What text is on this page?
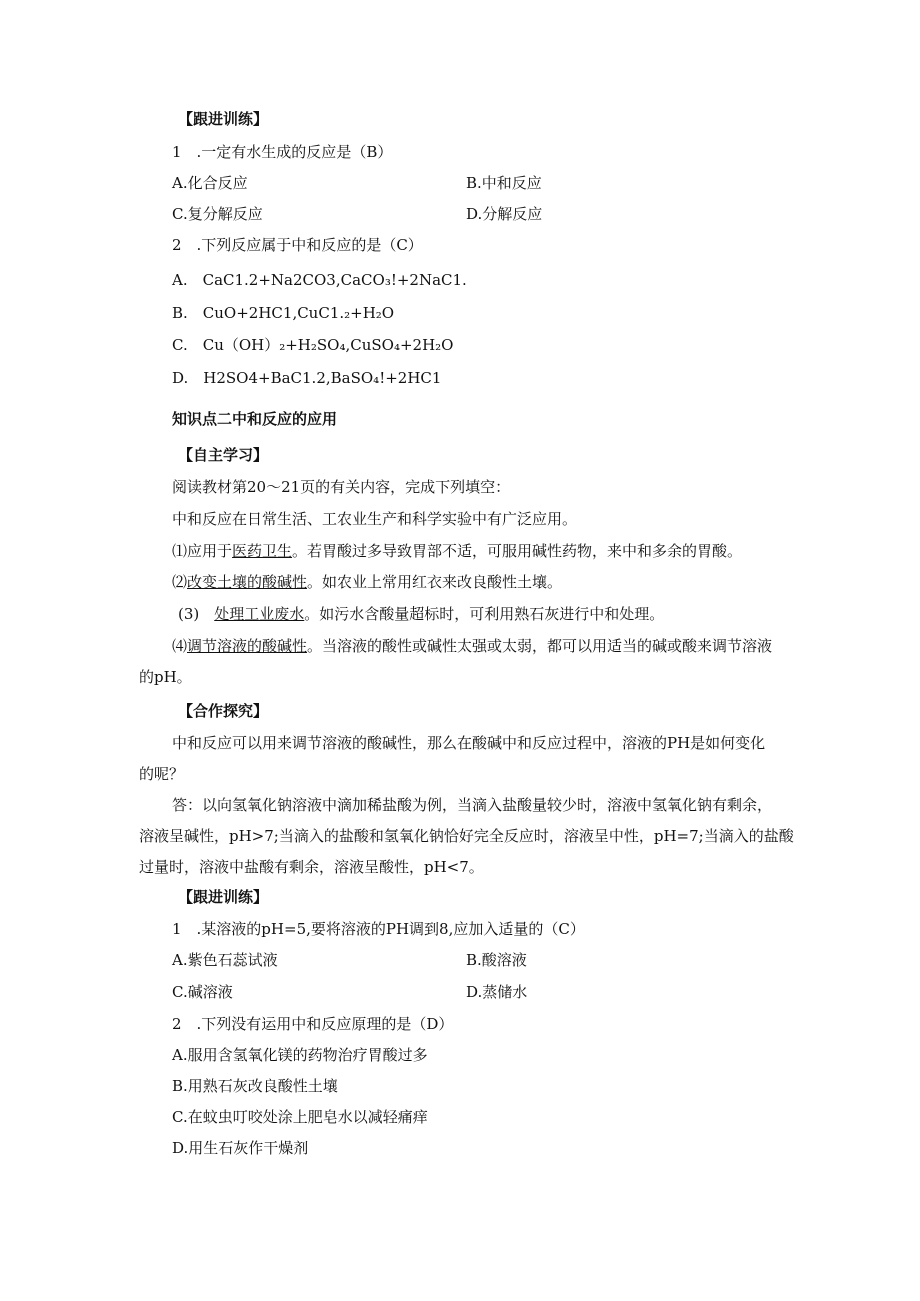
【跟进训练】
1　.一定有水生成的反应是（B）
A.化合反应	B.中和反应
C.复分解反应	D.分解反应
2　.下列反应属于中和反应的是（C）
A.　CaC1.2+Na2CO3,CaCO₃!+2NaC1.
B.　CuO+2HC1,CuC1.₂+H₂O
C.　Cu（OH）₂+H₂SO₄,CuSO₄+2H₂O
D.　H2SO4+BaC1.2,BaSO₄!+2HC1
知识点二中和反应的应用
【自主学习】
阅读教材第20～21页的有关内容，完成下列填空：
中和反应在日常生活、工农业生产和科学实验中有广泛应用。
⑴应用于医药卫生。若胃酸过多导致胃部不适，可服用碱性药物，来中和多余的胃酸。
⑵改变土壤的酸碱性。如农业上常用红衣来改良酸性土壤。
(3)　处理工业废水。如污水含酸量超标时，可利用熟石灰进行中和处理。
⑷调节溶液的酸碱性。当溶液的酸性或碱性太强或太弱，都可以用适当的碱或酸来调节溶液
的pH。
【合作探究】
中和反应可以用来调节溶液的酸碱性，那么在酸碱中和反应过程中，溶液的PH是如何变化
的呢？
答：以向氢氧化钠溶液中滴加稀盐酸为例，当滴入盐酸量较少时，溶液中氢氧化钠有剩余，
溶液呈碱性，pH>7;当滴入的盐酸和氢氧化钠恰好完全反应时，溶液呈中性，pH=7;当滴入的盐酸
过量时，溶液中盐酸有剩余，溶液呈酸性，pH<7。
【跟进训练】
1　.某溶液的pH=5,要将溶液的PH调到8,应加入适量的（C）
A.紫色石蕊试液	B.酸溶液
C.碱溶液	D.蒸储水
2　.下列没有运用中和反应原理的是（D）
A.服用含氢氧化镁的药物治疗胃酸过多
B.用熟石灰改良酸性土壤
C.在蚊虫叮咬处涂上肥皂水以减轻痛痒
D.用生石灰作干燥剂
